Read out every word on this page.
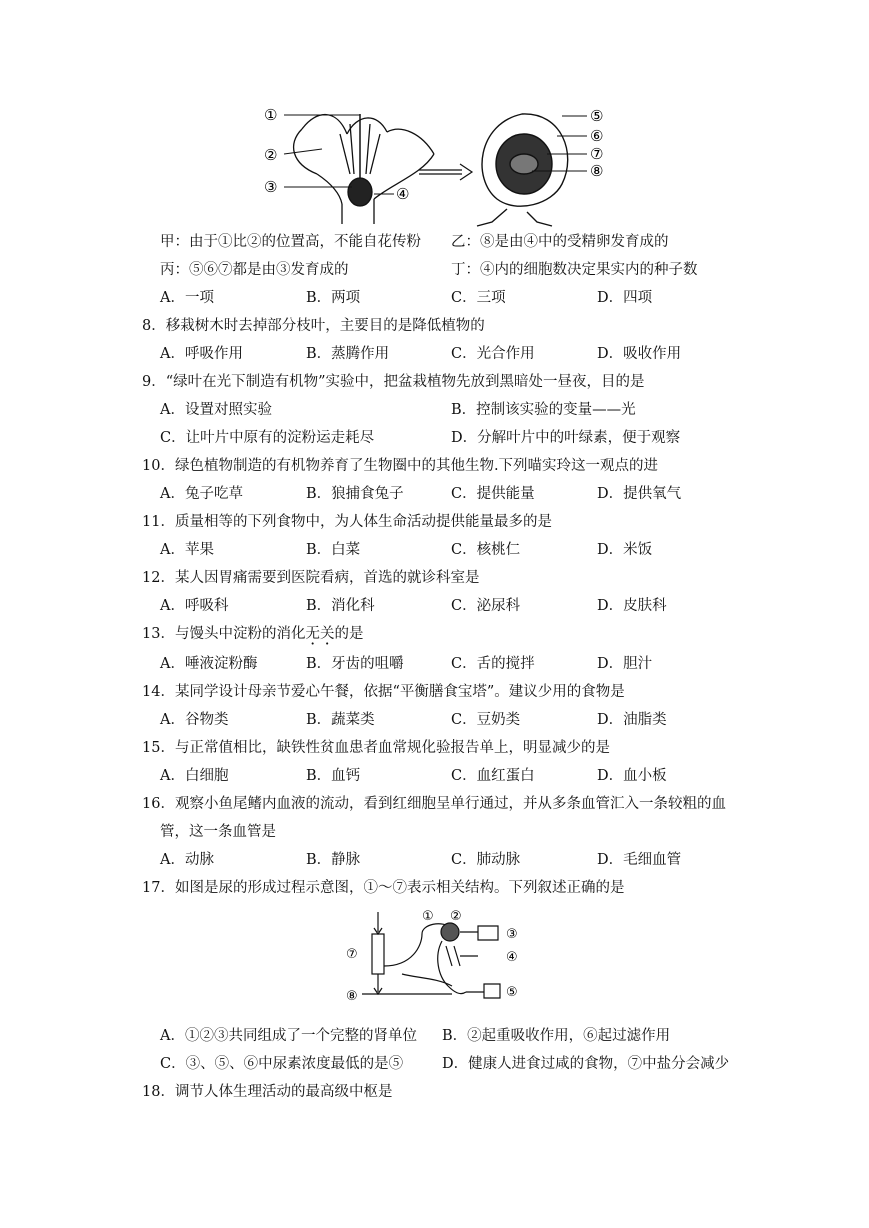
①
②
③	④
⑤
⑥
⑦
⑧
甲：由于①比②的位置高，不能自花传粉 乙：⑧是由④中的受精卵发育成的
丙：⑤⑥⑦都是由③发育成的	丁：④内的细胞数决定果实内的种子数
A．一项	B．两项	C．三项	D．四项
8．移栽树木时去掉部分枝叶，主要目的是降低植物的
A．呼吸作用	B．蒸腾作用	C．光合作用	D．吸收作用
9．“绿叶在光下制造有机物”实验中，把盆栽植物先放到黑暗处一昼夜，目的是
A．设置对照实验	B．控制该实验的变量——光
C．让叶片中原有的淀粉运走耗尽	D．分解叶片中的叶绿素，便于观察
10．绿色植物制造的有机物养育了生物圈中的其他生物.下列喵实玲这一观点的进
A．兔子吃草	B．狼捕食兔子	C．提供能量	D．提供氧气
11．质量相等的下列食物中，为人体生命活动提供能量最多的是
A．苹果	B．白菜	C．核桃仁	D．米饭
12．某人因胃痛需要到医院看病，首选的就诊科室是
A．呼吸科	B．消化科	C．泌尿科	D．皮肤科
13．与馒头中淀粉的消化无关的是
A．唾液淀粉酶	B．牙齿的咀嚼	C．舌的搅拌	D．胆汁
14．某同学设计母亲节爱心午餐，依据“平衡膳食宝塔”。建议少用的食物是
A．谷物类	B．蔬菜类	C．豆奶类	D．油脂类
15．与正常值相比，缺铁性贫血患者血常规化验报告单上，明显减少的是
A．白细胞	B．血钙	C．血红蛋白	D．血小板
16．观察小鱼尾鳍内血液的流动，看到红细胞呈单行通过，并从多条血管汇入一条较粗的血
管，这一条血管是
A．动脉	B．静脉	C．肺动脉	D．毛细血管
17．如图是尿的形成过程示意图，①～⑦表示相关结构。下列叙述正确的是
① ②
③
④
⑤
⑦
⑧
A．①②③共同组成了一个完整的肾单位 B．②起重吸收作用，⑥起过滤作用
C．③、⑤、⑥中尿素浓度最低的是⑤	D．健康人进食过咸的食物，⑦中盐分会减少
18．调节人体生理活动的最高级中枢是
